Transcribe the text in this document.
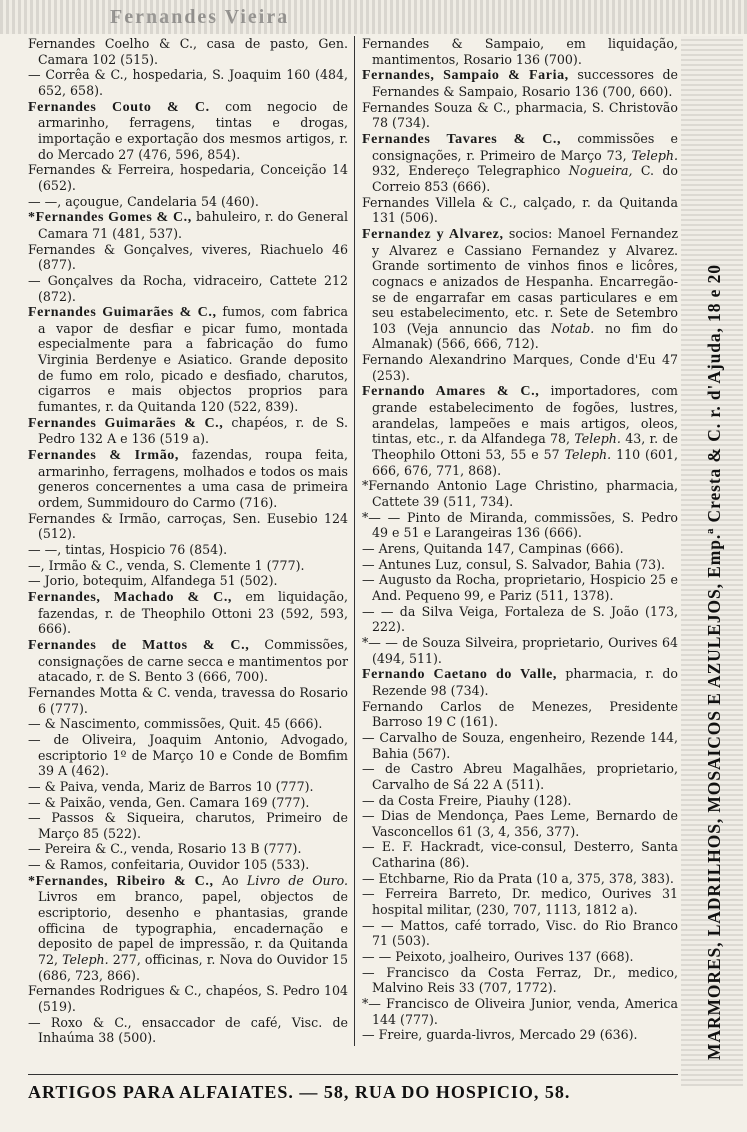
Fernandes Vieira
Fernandes Coelho & C., casa de pasto, Gen. Camara 102 (515).
— Corrêa & C., hospedaria, S. Joaquim 160 (484, 652, 658).
Fernandes Couto & C. com negocio de armarinho, ferragens, tintas e drogas, importação e exportação dos mesmos artigos, r. do Mercado 27 (476, 596, 854).
Fernandes & Ferreira, hospedaria, Conceição 14 (652).
— —, açougue, Candelaria 54 (460).
*Fernandes Gomes & C., bahuleiro, r. do General Camara 71 (481, 537).
Fernandes & Gonçalves, viveres, Riachuelo 46 (877).
— Gonçalves da Rocha, vidraceiro, Cattete 212 (872).
Fernandes Guimarães & C., fumos, com fabrica a vapor de desfiar e picar fumo, montada especialmente para a fabricação do fumo Virginia Berdenye e Asiatico. Grande deposito de fumo em rolo, picado e desfiado, charutos, cigarros e mais objectos proprios para fumantes, r. da Quitanda 120 (522, 839).
Fernandes Guimarães & C., chapéos, r. de S. Pedro 132 A e 136 (519 a).
Fernandes & Irmão, fazendas, roupa feita, armarinho, ferragens, molhados e todos os mais generos concernentes a uma casa de primeira ordem, Summidouro do Carmo (716).
Fernandes & Irmão, carroças, Sen. Eusebio 124 (512).
— —, tintas, Hospicio 76 (854).
—, Irmão & C., venda, S. Clemente 1 (777).
— Jorio, botequim, Alfandega 51 (502).
Fernandes, Machado & C., em liquidação, fazendas, r. de Theophilo Ottoni 23 (592, 593, 666).
Fernandes de Mattos & C., Commissões, consignações de carne secca e mantimentos por atacado, r. de S. Bento 3 (666, 700).
Fernandes Motta & C. venda, travessa do Rosario 6 (777).
— & Nascimento, commissões, Quit. 45 (666).
— de Oliveira, Joaquim Antonio, Advogado, escriptorio 1º de Março 10 e Conde de Bomfim 39 A (462).
— & Paiva, venda, Mariz de Barros 10 (777).
— & Paixão, venda, Gen. Camara 169 (777).
— Passos & Siqueira, charutos, Primeiro de Março 85 (522).
— Pereira & C., venda, Rosario 13 B (777).
— & Ramos, confeitaria, Ouvidor 105 (533).
*Fernandes, Ribeiro & C., Ao Livro de Ouro. Livros em branco, papel, objectos de escriptorio, desenho e phantasias, grande officina de typographia, encadernação e deposito de papel de impressão, r. da Quitanda 72, Teleph. 277, officinas, r. Nova do Ouvidor 15 (686, 723, 866).
Fernandes Rodrigues & C., chapéos, S. Pedro 104 (519).
— Roxo & C., ensaccador de café, Visc. de Inhaúma 38 (500).
Fernandes & Sampaio, em liquidação, mantimentos, Rosario 136 (700).
Fernandes, Sampaio & Faria, successores de Fernandes & Sampaio, Rosario 136 (700, 660).
Fernandes Souza & C., pharmacia, S. Christovão 78 (734).
Fernandes Tavares & C., commissões e consignações, r. Primeiro de Março 73, Teleph. 932, Endereço Telegraphico Nogueira, C. do Correio 853 (666).
Fernandes Villela & C., calçado, r. da Quitanda 131 (506).
Fernandez y Alvarez, socios: Manoel Fernandez y Alvarez e Cassiano Fernandez y Alvarez. Grande sortimento de vinhos finos e licôres, cognacs e anizados de Hespanha. Encarregão-se de engarrafar em casas particulares e em seu estabelecimento, etc. r. Sete de Setembro 103 (Veja annuncio das Notab. no fim do Almanak) (566, 666, 712).
Fernando Alexandrino Marques, Conde d'Eu 47 (253).
Fernando Amares & C., importadores, com grande estabelecimento de fogões, lustres, arandelas, lampeões e mais artigos, oleos, tintas, etc., r. da Alfandega 78, Teleph. 43, r. de Theophilo Ottoni 53, 55 e 57 Teleph. 110 (601, 666, 676, 771, 868).
*Fernando Antonio Lage Christino, pharmacia, Cattete 39 (511, 734).
*— — Pinto de Miranda, commissões, S. Pedro 49 e 51 e Larangeiras 136 (666).
— Arens, Quitanda 147, Campinas (666).
— Antunes Luz, consul, S. Salvador, Bahia (73).
— Augusto da Rocha, proprietario, Hospicio 25 e And. Pequeno 99, e Pariz (511, 1378).
— — da Silva Veiga, Fortaleza de S. João (173, 222).
*— — de Souza Silveira, proprietario, Ourives 64 (494, 511).
Fernando Caetano do Valle, pharmacia, r. do Rezende 98 (734).
Fernando Carlos de Menezes, Presidente Barroso 19 C (161).
— Carvalho de Souza, engenheiro, Rezende 144, Bahia (567).
— de Castro Abreu Magalhães, proprietario, Carvalho de Sá 22 A (511).
— da Costa Freire, Piauhy (128).
— Dias de Mendonça, Paes Leme, Bernardo de Vasconcellos 61 (3, 4, 356, 377).
— E. F. Hackradt, vice-consul, Desterro, Santa Catharina (86).
— Etchbarne, Rio da Prata (10 a, 375, 378, 383).
— Ferreira Barreto, Dr. medico, Ourives 31 hospital militar, (230, 707, 1113, 1812 a).
— — Mattos, café torrado, Visc. do Rio Branco 71 (503).
— — Peixoto, joalheiro, Ourives 137 (668).
— Francisco da Costa Ferraz, Dr., medico, Malvino Reis 33 (707, 1772).
*— Francisco de Oliveira Junior, venda, America 144 (777).
— Freire, guarda-livros, Mercado 29 (636).	MARMORES, LADRILHOS, MOSAICOS E AZULEJOS, Emp.ª Cresta & C. r. d'Ajuda, 18 e 20
ARTIGOS PARA ALFAIATES. — 58, RUA DO HOSPICIO, 58.
